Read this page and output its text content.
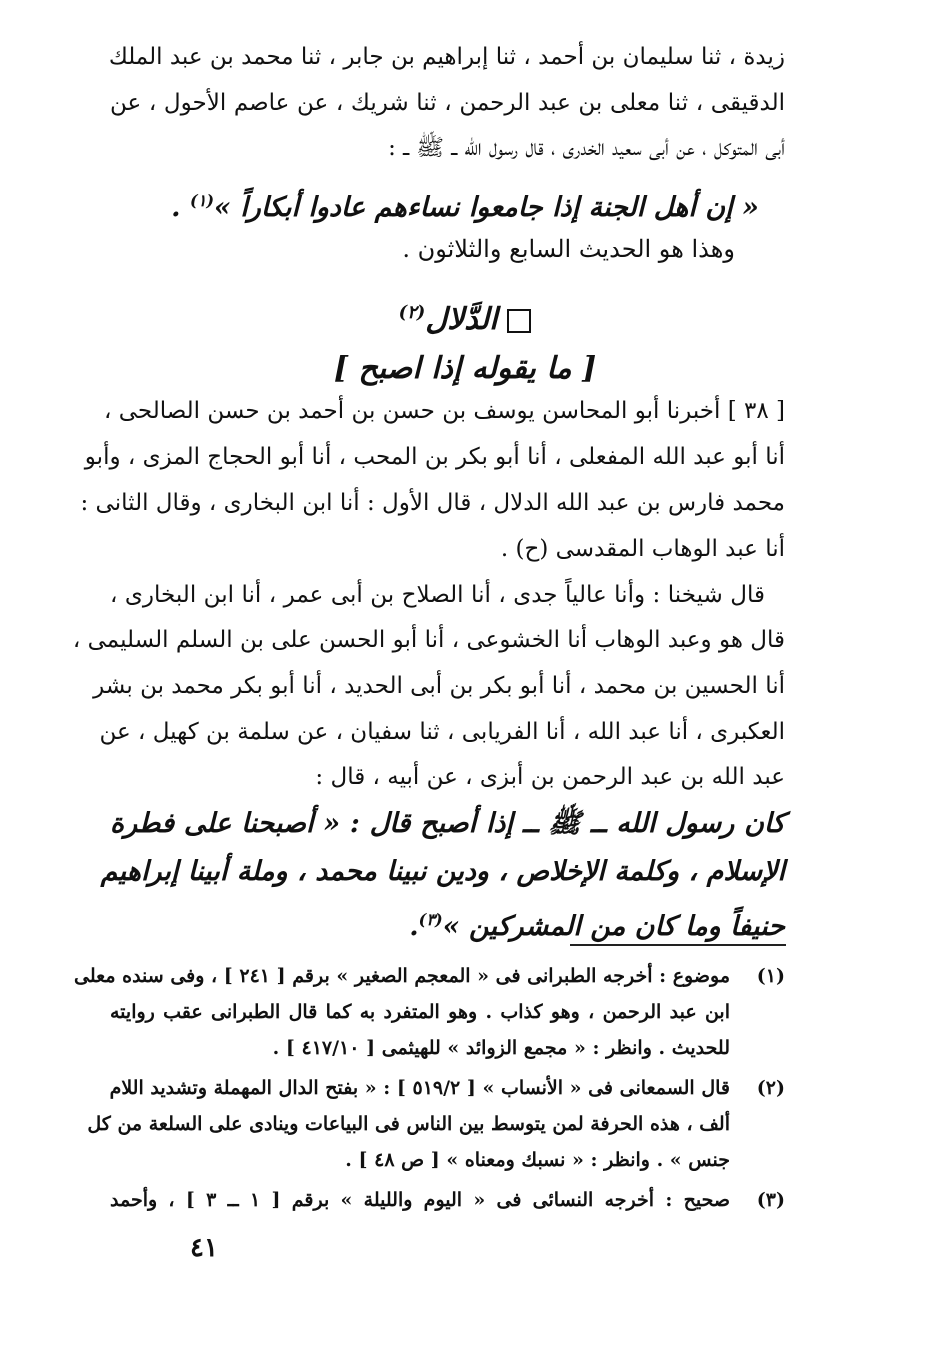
زيدة ، ثنا سليمان بن أحمد ، ثنا إبراهيم بن جابر ، ثنا محمد بن عبد الملك
الدقيقى ، ثنا معلى بن عبد الرحمن ، ثنا شريك ، عن عاصم الأحول ، عن
أبى المتوكل ، عن أبى سعيد الخدرى ، قال رسول الله ــ ﷺ ــ :
« إن أهل الجنة إذا جامعوا نساءهم عادوا أبكاراً »$^{(١)}$ .
وهذا هو الحديث السابع والثلاثون .
الدَّلال$^{(٢)}$
[ ما يقوله إذا اصبح ]
[ ٣٨ ] أخبرنا أبو المحاسن يوسف بن حسن بن أحمد بن حسن الصالحى ،
أنا أبو عبد الله المفعلى ، أنا أبو بكر بن المحب ، أنا أبو الحجاج المزى ، وأبو
محمد فارس بن عبد الله الدلال ، قال الأول : أنا ابن البخارى ، وقال الثانى :
أنا عبد الوهاب المقدسى (ح) .
قال شيخنا : وأنا عالياً جدى ، أنا الصلاح بن أبى عمر ، أنا ابن البخارى ،
قال هو وعبد الوهاب أنا الخشوعى ، أنا أبو الحسن على بن السلم السليمى ،
أنا الحسين بن محمد ، أنا أبو بكر بن أبى الحديد ، أنا أبو بكر محمد بن بشر
العكبرى ، أنا عبد الله ، أنا الفريابى ، ثنا سفيان ، عن سلمة بن كهيل ، عن
عبد الله بن عبد الرحمن بن أبزى ، عن أبيه ، قال :
كان رسول الله ــ ﷺ ــ إذا أصبح قال : « أصبحنا على فطرة
الإسلام ، وكلمة الإخلاص ، ودين نبينا محمد ، وملة أبينا إبراهيم
حنيفاً وما كان من المشركين »$^{(٣)}$.
(١)
موضوع : أخرجه الطبرانى فى « المعجم الصغير » برقم [ ٢٤١ ] ، وفى سنده معلى
ابن عبد الرحمن ، وهو كذاب . وهو المتفرد به كما قال الطبرانى عقب روايته
للحديث . وانظر : « مجمع الزوائد » للهيثمى [ ٤١٧/١٠ ] .
(٢)
قال السمعانى فى « الأنساب » [ ٥١٩/٢ ] : « بفتح الدال المهملة وتشديد اللام
ألف ، هذه الحرفة لمن يتوسط بين الناس فى البياعات وينادى على السلعة من كل
جنس » . وانظر : « نسبك ومعناه » [ ص ٤٨ ] .
(٣)
صحيح : أخرجه النسائى فى « اليوم والليلة » برقم [ ١ ــ ٣ ] ، وأحمد
٤١
